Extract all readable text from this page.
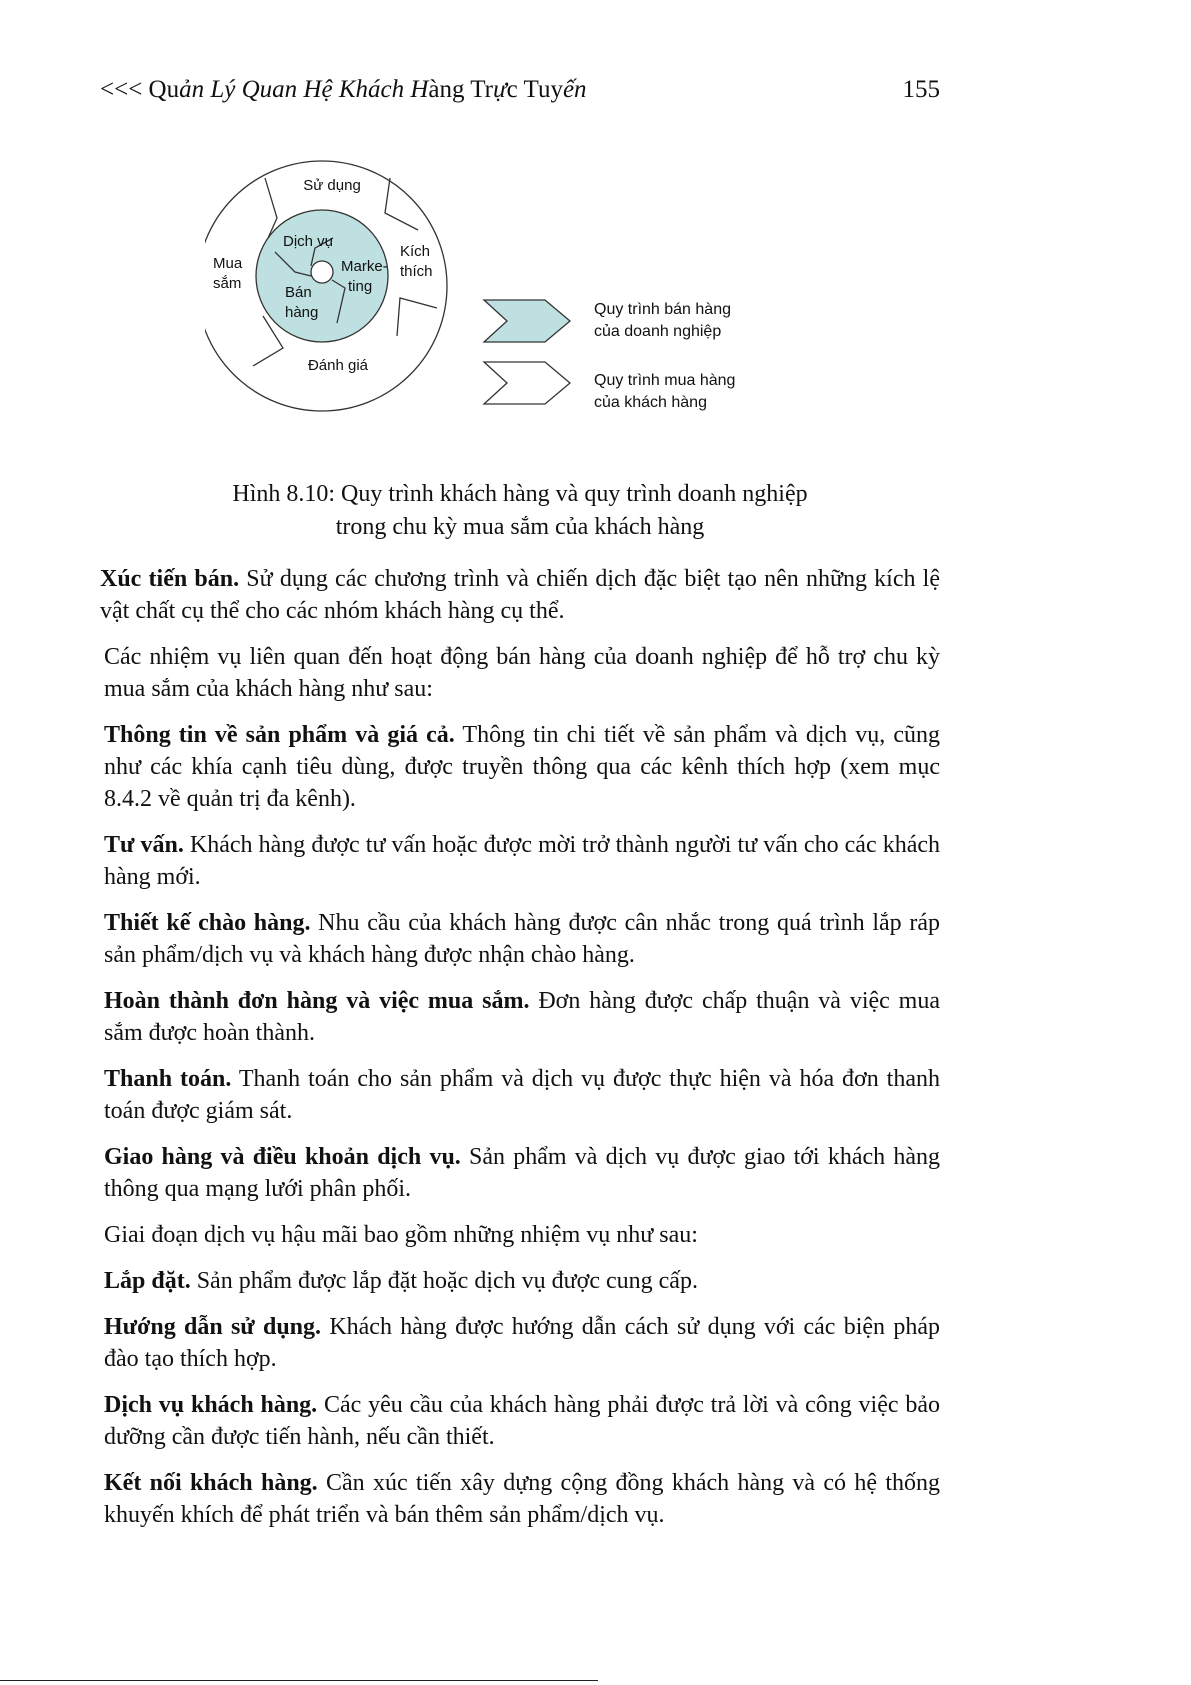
<<< Quản Lý Quan Hệ Khách Hàng Trực Tuyến	155
Sử dụng
Kích
thích
Mua
sắm
Đánh giá
Dịch vụ
Marke-
ting
Bán
hàng	Quy trình bán hàng
của doanh nghiệp
Quy trình mua hàng
của khách hàng
Hình 8.10: Quy trình khách hàng và quy trình doanh nghiệp
trong chu kỳ mua sắm của khách hàng

Xúc tiến bán. Sử dụng các chương trình và chiến dịch đặc biệt tạo nên những kích lệ vật chất cụ thể cho các nhóm khách hàng cụ thể.

Các nhiệm vụ liên quan đến hoạt động bán hàng của doanh nghiệp để hỗ trợ chu kỳ mua sắm của khách hàng như sau:

Thông tin về sản phẩm và giá cả. Thông tin chi tiết về sản phẩm và dịch vụ, cũng như các khía cạnh tiêu dùng, được truyền thông qua các kênh thích hợp (xem mục 8.4.2 về quản trị đa kênh).

Tư vấn. Khách hàng được tư vấn hoặc được mời trở thành người tư vấn cho các khách hàng mới.

Thiết kế chào hàng. Nhu cầu của khách hàng được cân nhắc trong quá trình lắp ráp sản phẩm/dịch vụ và khách hàng được nhận chào hàng.

Hoàn thành đơn hàng và việc mua sắm. Đơn hàng được chấp thuận và việc mua sắm được hoàn thành.

Thanh toán. Thanh toán cho sản phẩm và dịch vụ được thực hiện và hóa đơn thanh toán được giám sát.

Giao hàng và điều khoản dịch vụ. Sản phẩm và dịch vụ được giao tới khách hàng thông qua mạng lưới phân phối.

Giai đoạn dịch vụ hậu mãi bao gồm những nhiệm vụ như sau:

Lắp đặt. Sản phẩm được lắp đặt hoặc dịch vụ được cung cấp.

Hướng dẫn sử dụng. Khách hàng được hướng dẫn cách sử dụng với các biện pháp đào tạo thích hợp.

Dịch vụ khách hàng. Các yêu cầu của khách hàng phải được trả lời và công việc bảo dưỡng cần được tiến hành, nếu cần thiết.

Kết nối khách hàng. Cần xúc tiến xây dựng cộng đồng khách hàng và có hệ thống khuyến khích để phát triển và bán thêm sản phẩm/dịch vụ.
